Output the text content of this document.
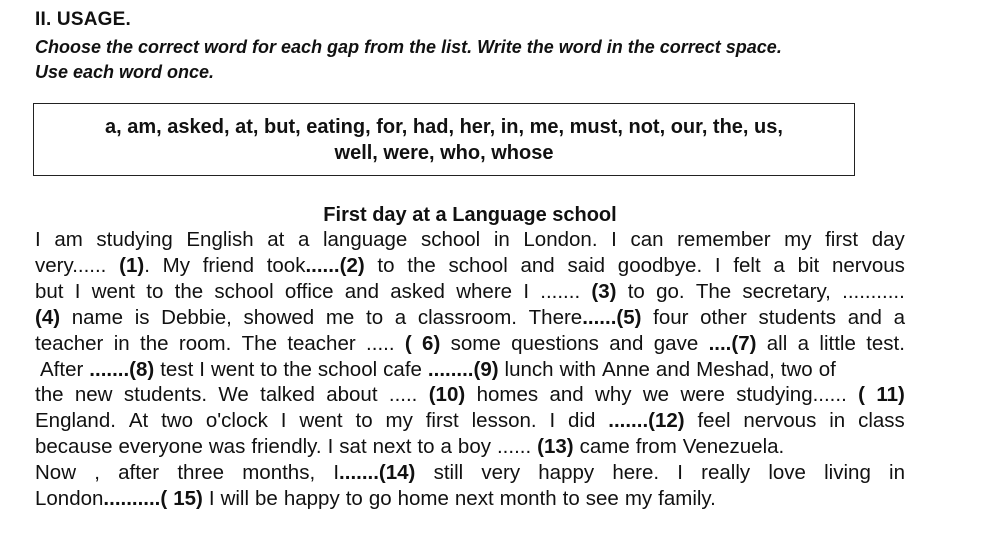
II. USAGE.
Choose the correct word for each gap from the list. Write the word in the correct space.
Use each word once.
a, am, asked, at, but, eating, for, had, her, in, me, must, not, our, the, us,
well, were, who, whose
First day at a Language school
I am studying English at a language school in London. I can remember my first day
very...... (1). My friend took......(2) to the school and said goodbye. I felt a bit nervous
but I went to the school office and asked where I ....... (3) to go. The secretary, ...........
(4) name is Debbie, showed me to a classroom. There......(5) four other students and a
teacher in the room. The teacher ..... ( 6) some questions and gave ....(7) all a little test.
After .......(8) test I went to the school cafe ........(9) lunch with Anne and Meshad, two of
the new students. We talked about ..... (10) homes and why we were studying...... ( 11)
England. At two o'clock I went to my first lesson. I did .......(12) feel nervous in class
because everyone was friendly. I sat next to a boy ...... (13) came from Venezuela.
Now , after three months, I.......(14) still very happy here. I really love living in
London..........( 15) I will be happy to go home next month to see my family.
